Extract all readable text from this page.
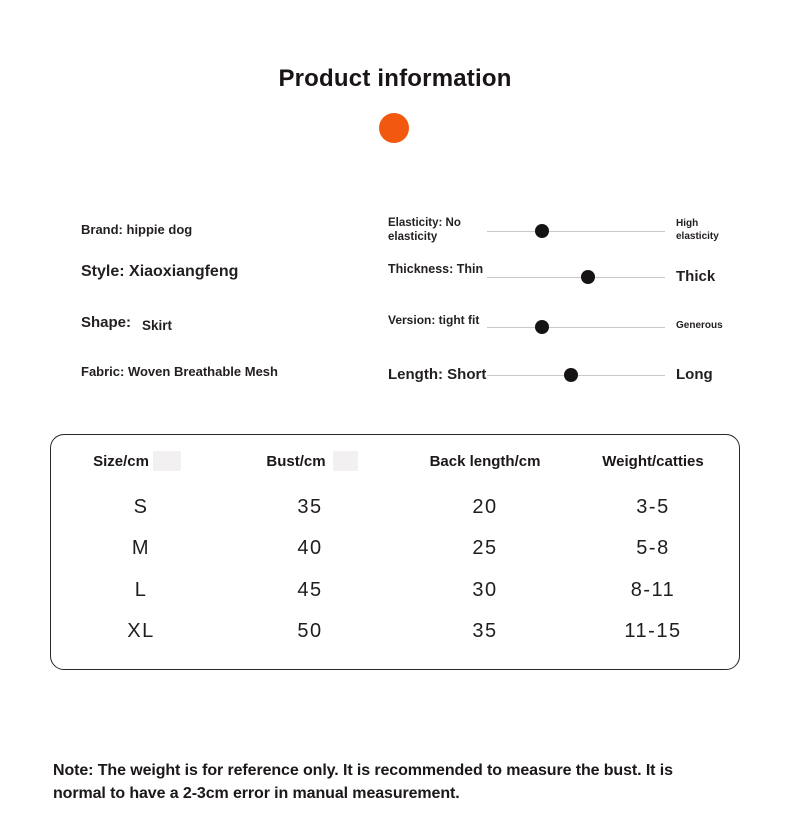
Product information
Brand: hippie dog
Style: Xiaoxiangfeng
Shape: Skirt
Fabric: Woven Breathable Mesh
Elasticity: No elasticity
High elasticity
Thickness: Thin	Thick
Version: tight fit	Generous
Length: Short	Long
Size/cm	Bust/cm	Back length/cm	Weight/catties
S	35	20	3-5
M	40	25	5-8
L	45	30	8-11
XL	50	35	11-15
Note: The weight is for reference only. It is recommended to measure the bust. It is
normal to have a 2-3cm error in manual measurement.
